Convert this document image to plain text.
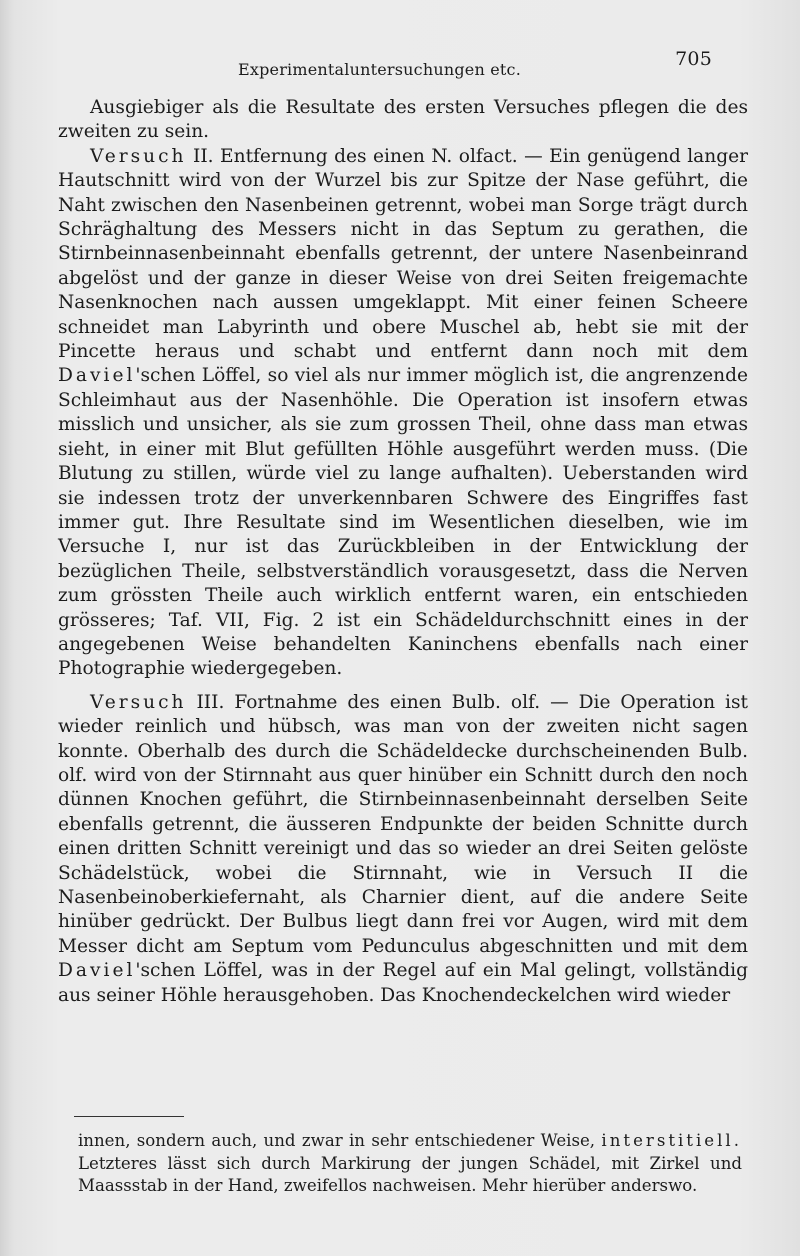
Experimentaluntersuchungen etc.	705

Ausgiebiger als die Resultate des ersten Versuches pflegen die des zweiten zu sein.

Versuch II. Entfernung des einen N. olfact. — Ein genügend langer Hautschnitt wird von der Wurzel bis zur Spitze der Nase geführt, die Naht zwischen den Nasenbeinen getrennt, wobei man Sorge trägt durch Schräghaltung des Messers nicht in das Septum zu gerathen, die Stirnbeinnasenbeinnaht ebenfalls getrennt, der untere Nasenbeinrand abgelöst und der ganze in dieser Weise von drei Seiten freigemachte Nasenknochen nach aussen umgeklappt. Mit einer feinen Scheere schneidet man Labyrinth und obere Muschel ab, hebt sie mit der Pincette heraus und schabt und entfernt dann noch mit dem Daviel'schen Löffel, so viel als nur immer möglich ist, die angrenzende Schleimhaut aus der Nasenhöhle. Die Operation ist insofern etwas misslich und unsicher, als sie zum grossen Theil, ohne dass man etwas sieht, in einer mit Blut gefüllten Höhle ausgeführt werden muss. (Die Blutung zu stillen, würde viel zu lange aufhalten). Ueberstanden wird sie indessen trotz der unverkennbaren Schwere des Eingriffes fast immer gut. Ihre Resultate sind im Wesentlichen dieselben, wie im Versuche I, nur ist das Zurückbleiben in der Entwicklung der bezüglichen Theile, selbstverständlich vorausgesetzt, dass die Nerven zum grössten Theile auch wirklich entfernt waren, ein entschieden grösseres; Taf. VII, Fig. 2 ist ein Schädeldurchschnitt eines in der angegebenen Weise behandelten Kaninchens ebenfalls nach einer Photographie wiedergegeben.

Versuch III. Fortnahme des einen Bulb. olf. — Die Operation ist wieder reinlich und hübsch, was man von der zweiten nicht sagen konnte. Oberhalb des durch die Schädeldecke durchscheinenden Bulb. olf. wird von der Stirnnaht aus quer hinüber ein Schnitt durch den noch dünnen Knochen geführt, die Stirnbeinnasenbeinnaht derselben Seite ebenfalls getrennt, die äusseren Endpunkte der beiden Schnitte durch einen dritten Schnitt vereinigt und das so wieder an drei Seiten gelöste Schädelstück, wobei die Stirnnaht, wie in Versuch II die Nasenbeinoberkiefernaht, als Charnier dient, auf die andere Seite hinüber gedrückt. Der Bulbus liegt dann frei vor Augen, wird mit dem Messer dicht am Septum vom Pedunculus abgeschnitten und mit dem Daviel'schen Löffel, was in der Regel auf ein Mal gelingt, vollständig aus seiner Höhle herausgehoben. Das Knochendeckelchen wird wieder

innen, sondern auch, und zwar in sehr entschiedener Weise, interstitiell. Letzteres lässt sich durch Markirung der jungen Schädel, mit Zirkel und Maassstab in der Hand, zweifellos nachweisen. Mehr hierüber anderswo.
